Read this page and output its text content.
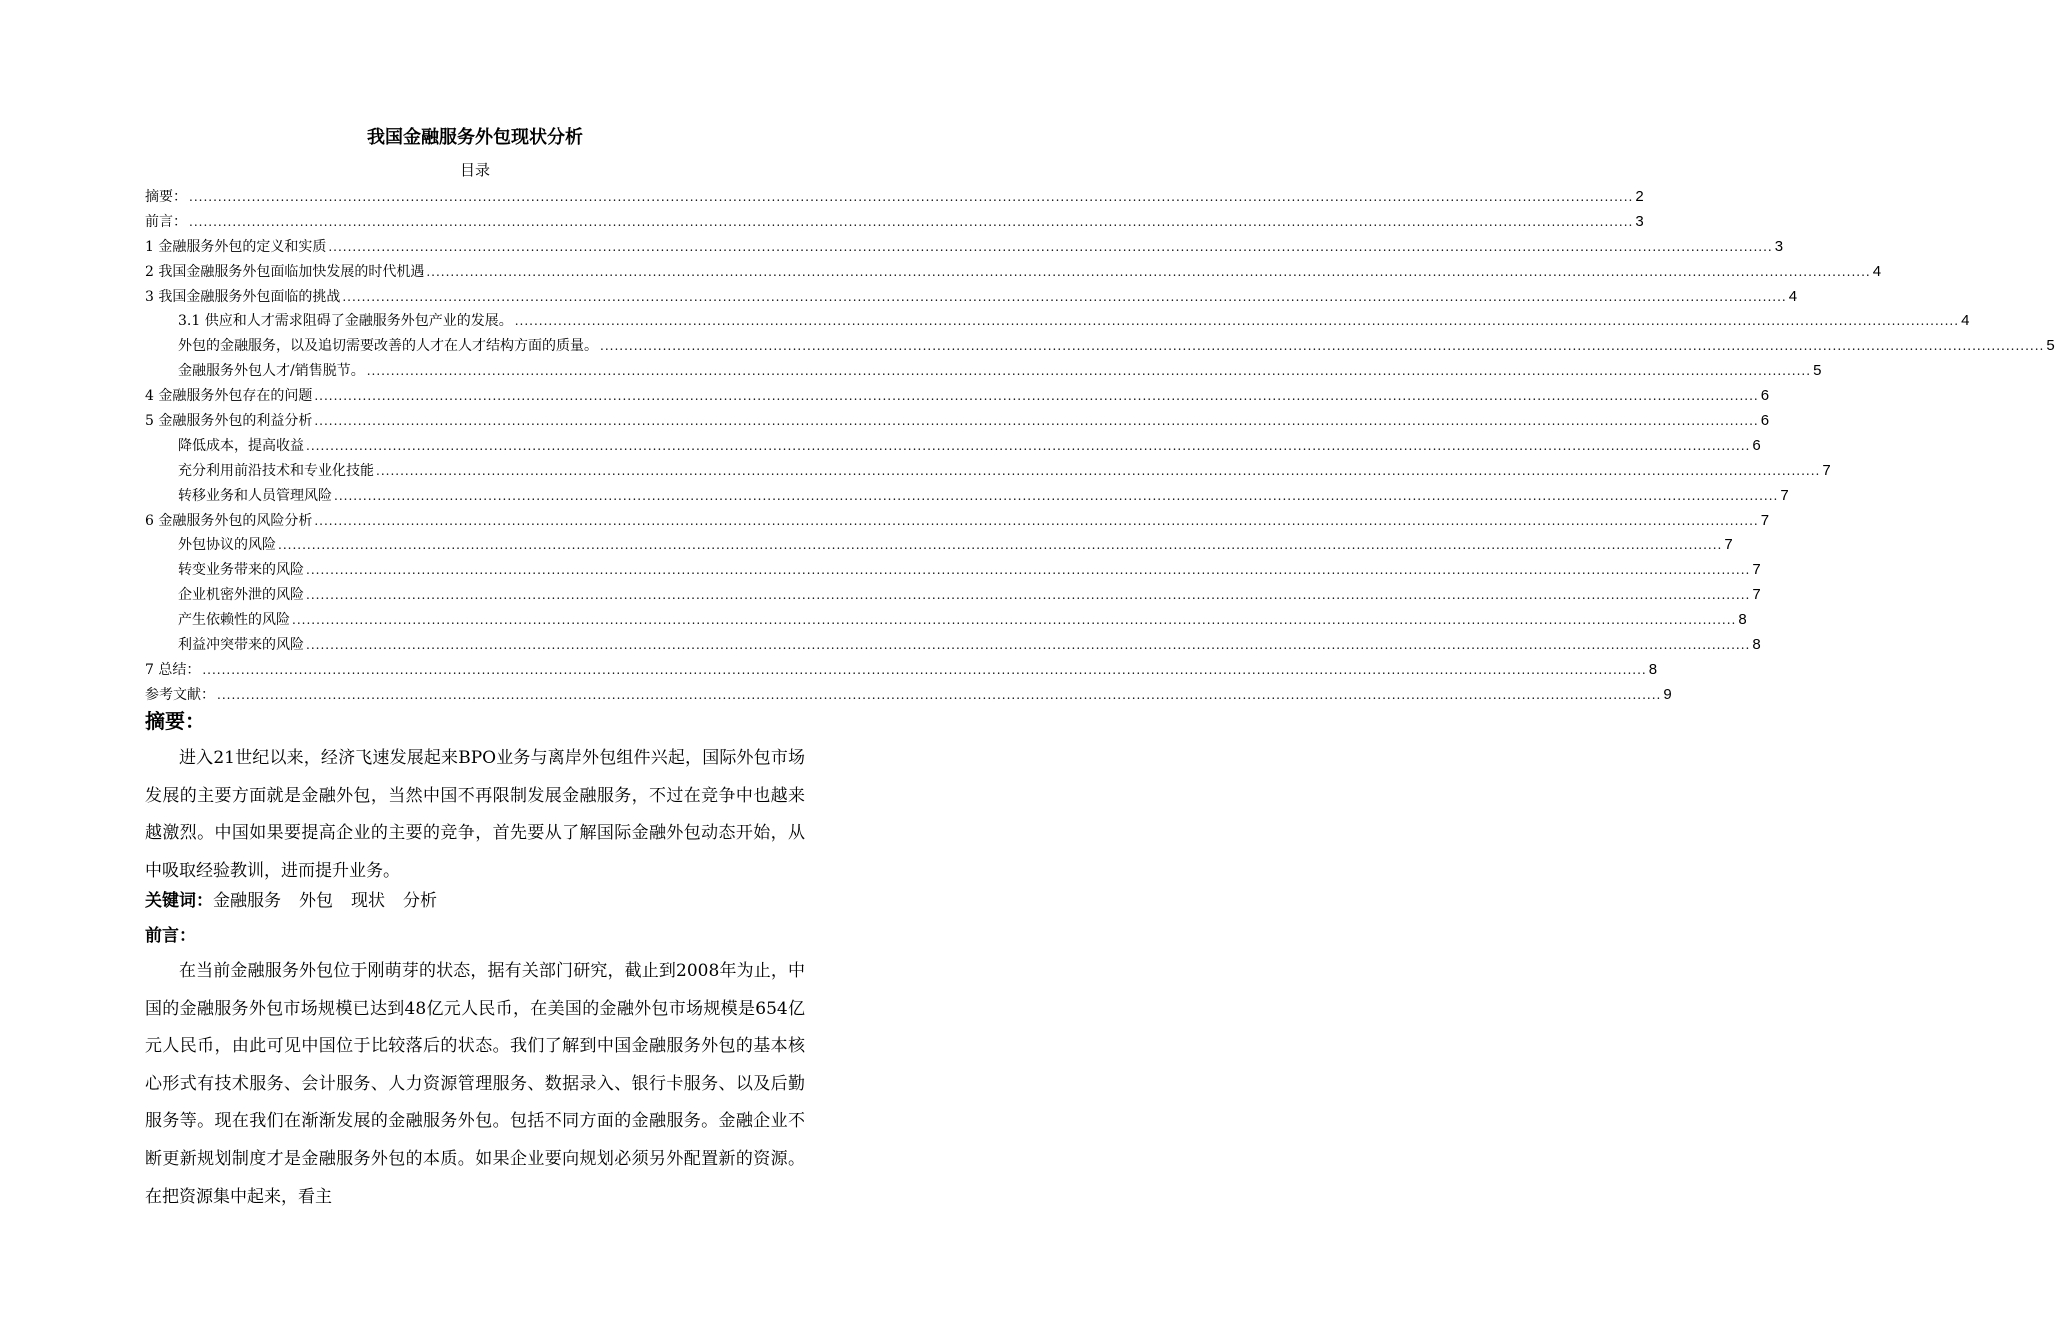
我国金融服务外包现状分析
目录
摘要： ............................................................................................................................................................................................................................................................................................................ 2
前言： ............................................................................................................................................................................................................................................................................................................ 3
1 金融服务外包的定义和实质 ............................................................................................................................................................................................................................................................................................................ 3
2 我国金融服务外包面临加快发展的时代机遇 ............................................................................................................................................................................................................................................................................................................ 4
3 我国金融服务外包面临的挑战 ............................................................................................................................................................................................................................................................................................................ 4
3.1 供应和人才需求阻碍了金融服务外包产业的发展。 ............................................................................................................................................................................................................................................................................................................ 4
外包的金融服务，以及追切需要改善的人才在人才结构方面的质量。 ............................................................................................................................................................................................................................................................................................................ 5
金融服务外包人才/销售脱节。 ............................................................................................................................................................................................................................................................................................................ 5
4 金融服务外包存在的问题 ............................................................................................................................................................................................................................................................................................................ 6
5 金融服务外包的利益分析 ............................................................................................................................................................................................................................................................................................................ 6
降低成本，提高收益 ............................................................................................................................................................................................................................................................................................................ 6
充分利用前沿技术和专业化技能 ............................................................................................................................................................................................................................................................................................................ 7
转移业务和人员管理风险 ............................................................................................................................................................................................................................................................................................................ 7
6 金融服务外包的风险分析 ............................................................................................................................................................................................................................................................................................................ 7
外包协议的风险 ............................................................................................................................................................................................................................................................................................................ 7
转变业务带来的风险 ............................................................................................................................................................................................................................................................................................................ 7
企业机密外泄的风险 ............................................................................................................................................................................................................................................................................................................ 7
产生依赖性的风险 ............................................................................................................................................................................................................................................................................................................ 8
利益冲突带来的风险 ............................................................................................................................................................................................................................................................................................................ 8
7 总结： ............................................................................................................................................................................................................................................................................................................ 8
参考文献： ............................................................................................................................................................................................................................................................................................................ 9
摘要：
进入21世纪以来，经济飞速发展起来BPO业务与离岸外包组件兴起，国际外包市场发展的主要方面就是金融外包，当然中国不再限制发展金融服务，不过在竞争中也越来越激烈。中国如果要提高企业的主要的竞争，首先要从了解国际金融外包动态开始，从中吸取经验教训，进而提升业务。
关键词：金融服务 外包 现状 分析
前言：
在当前金融服务外包位于刚萌芽的状态，据有关部门研究，截止到2008年为止，中国的金融服务外包市场规模已达到48亿元人民币，在美国的金融外包市场规模是654亿元人民币，由此可见中国位于比较落后的状态。我们了解到中国金融服务外包的基本核心形式有技术服务、会计服务、人力资源管理服务、数据录入、银行卡服务、以及后勤服务等。现在我们在渐渐发展的金融服务外包。包括不同方面的金融服务。金融企业不断更新规划制度才是金融服务外包的本质。如果企业要向规划必须另外配置新的资源。在把资源集中起来，看主
